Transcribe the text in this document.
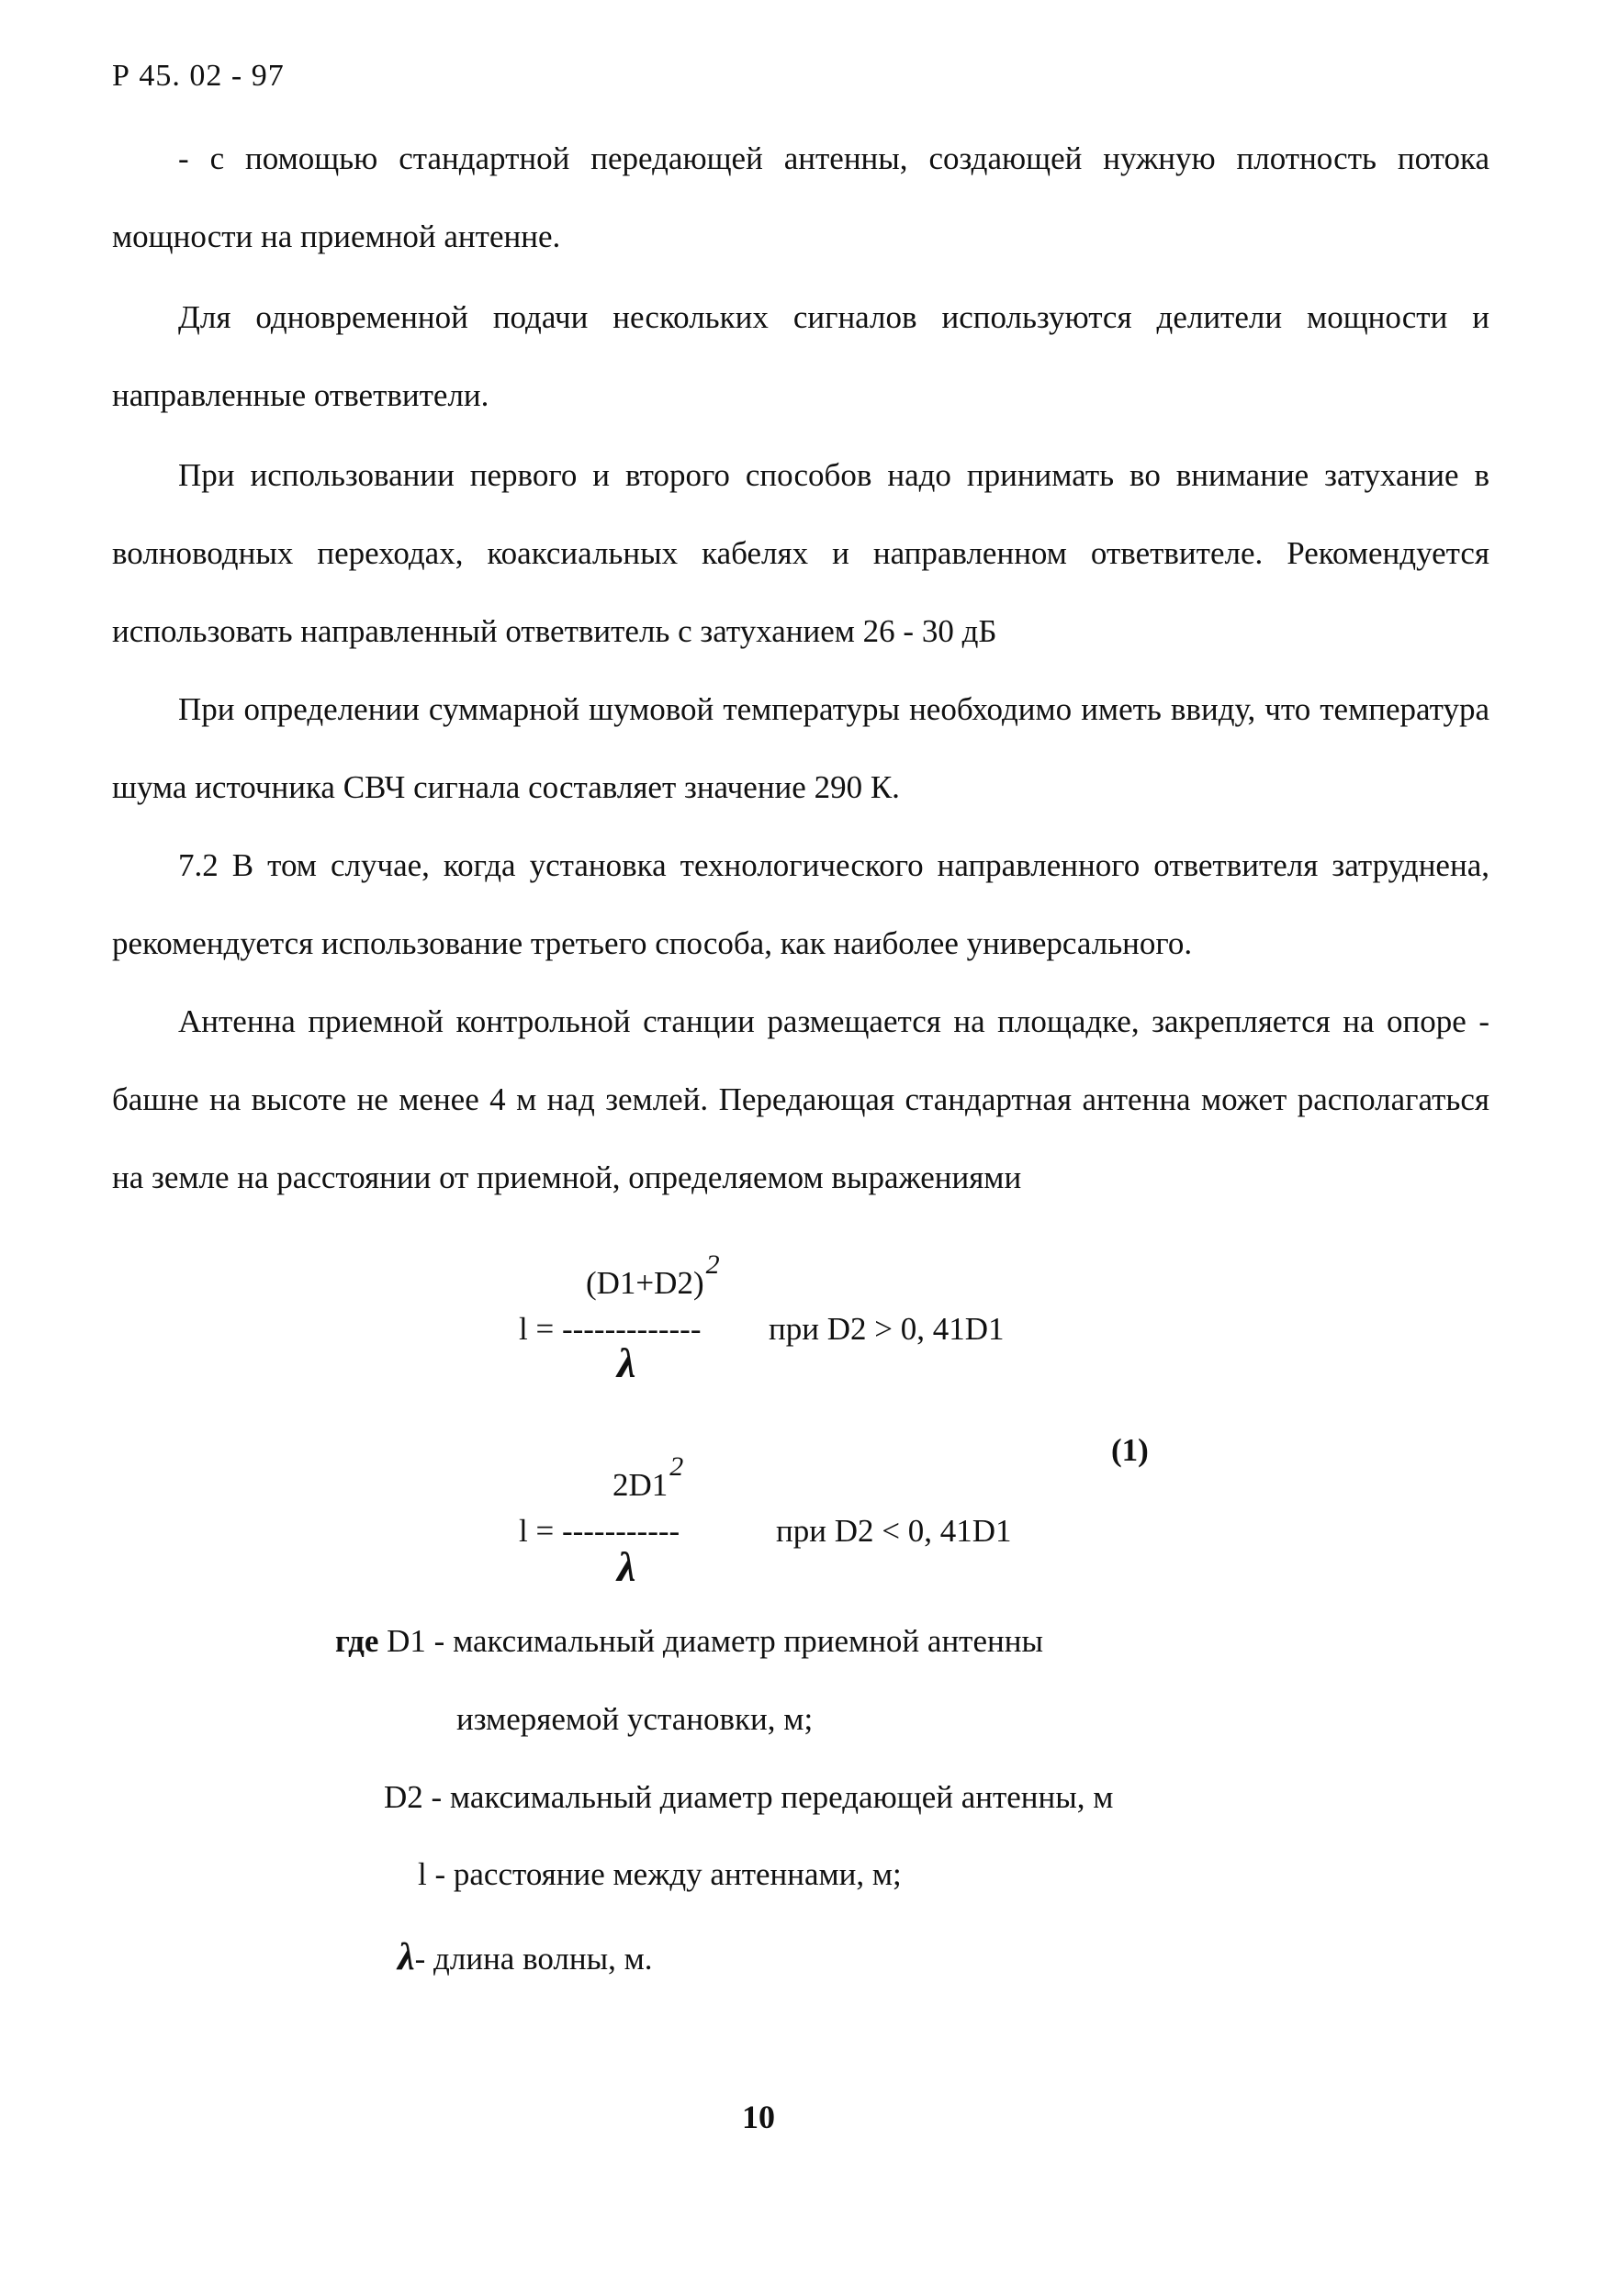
Р 45. 02 - 97
- с помощью стандартной передающей антенны, создающей нужную плотность потока мощности на приемной антенне.
Для одновременной подачи нескольких сигналов используются делители мощности и направленные ответвители.
При использовании первого и второго способов надо принимать во внимание затухание в волноводных переходах, коаксиальных кабелях и направленном ответвителе. Рекомендуется использовать направленный ответвитель с затуханием 26 - 30 дБ
При определении суммарной шумовой температуры необходимо иметь ввиду, что температура шума источника СВЧ сигнала составляет значение 290 К.
7.2 В том случае, когда установка технологического направленного ответвителя затруднена, рекомендуется использование третьего способа, как наиболее универсального.
Антенна приемной контрольной станции размещается на площадке, закрепляется на опоре - башне на высоте не менее 4 м над землей. Передающая стандартная антенна может располагаться на земле на расстоянии от приемной, определяемом выражениями
(D1+D2)2
l = -------------
λ
при D2 > 0, 41D1
(1)
2D12
l = -----------
λ
при D2 < 0, 41D1
где D1 - максимальный диаметр приемной антенны
измеряемой установки, м;
D2 - максимальный диаметр передающей антенны, м
l - расстояние между антеннами, м;
λ- длина волны, м.
10
